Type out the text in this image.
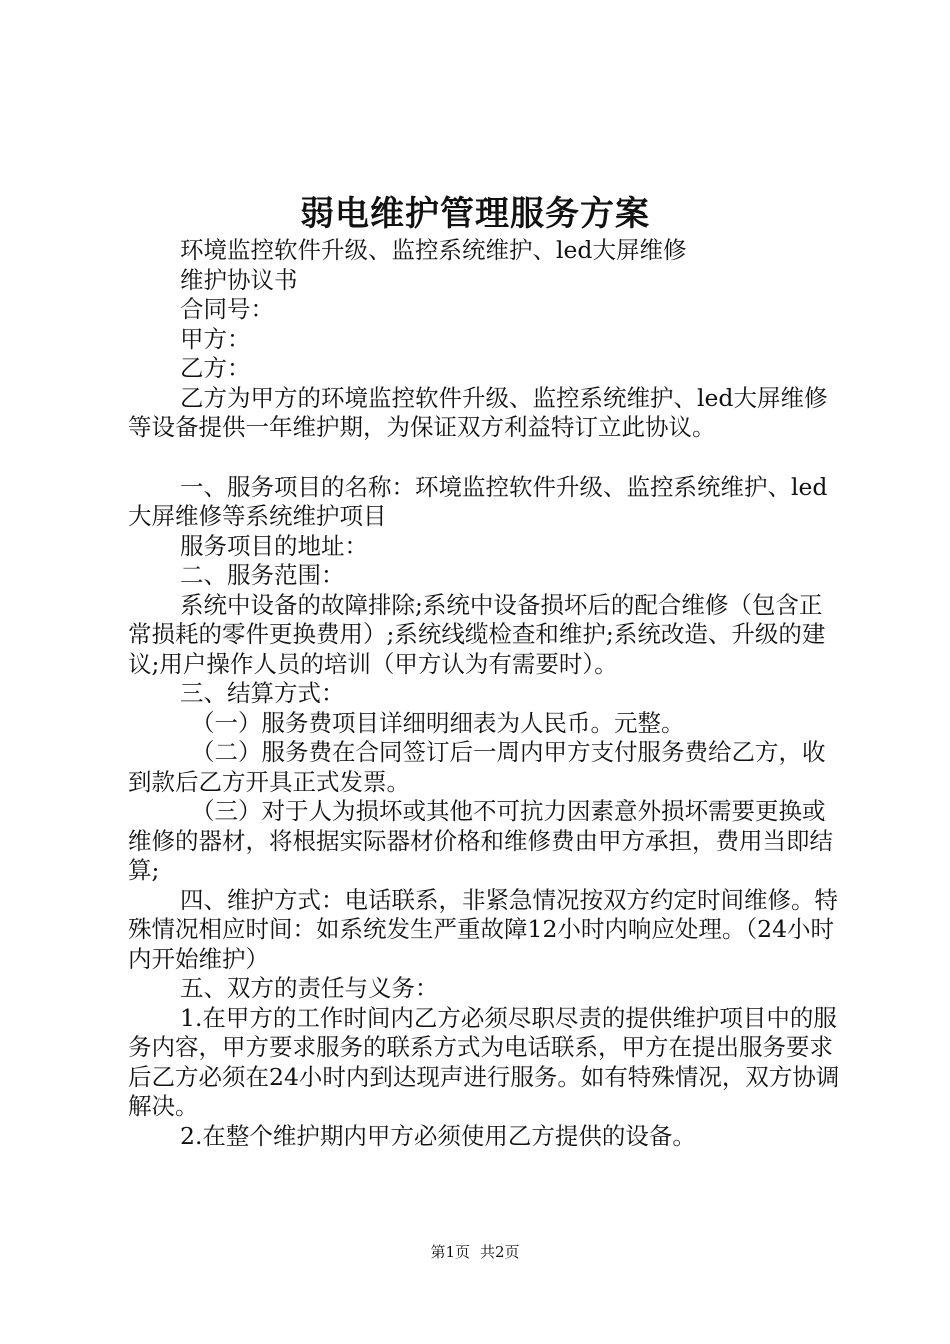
弱电维护管理服务方案

环境监控软件升级、监控系统维护、led大屏维修

维护协议书

合同号：

甲方：

乙方：

乙方为甲方的环境监控软件升级、监控系统维护、led大屏维修等设备提供一年维护期，为保证双方利益特订立此协议。

一、服务项目的名称：环境监控软件升级、监控系统维护、led大屏维修等系统维护项目

服务项目的地址：

二、服务范围：

系统中设备的故障排除;系统中设备损坏后的配合维修（包含正常损耗的零件更换费用）;系统线缆检查和维护;系统改造、升级的建议;用户操作人员的培训（甲方认为有需要时）。

三、结算方式：

（一）服务费项目详细明细表为人民币。元整。

（二）服务费在合同签订后一周内甲方支付服务费给乙方，收到款后乙方开具正式发票。

（三）对于人为损坏或其他不可抗力因素意外损坏需要更换或维修的器材，将根据实际器材价格和维修费由甲方承担，费用当即结算;

四、维护方式：电话联系，非紧急情况按双方约定时间维修。特殊情况相应时间：如系统发生严重故障12小时内响应处理。（24小时内开始维护）

五、双方的责任与义务：

1.在甲方的工作时间内乙方必须尽职尽责的提供维护项目中的服务内容，甲方要求服务的联系方式为电话联系，甲方在提出服务要求后乙方必须在24小时内到达现声进行服务。如有特殊情况，双方协调解决。

2.在整个维护期内甲方必须使用乙方提供的设备。

第1页 共2页
